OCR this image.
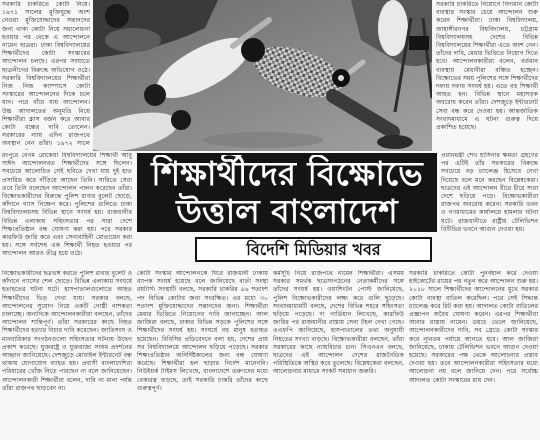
সরকারি চাকরিতে কোটা নিয়ে। ১৯৭১ সালের মুক্তিযুদ্ধে অংশ নেওয়া মুক্তিযোদ্ধাদের সন্তানদের জন্য থাকা কোটা নিয়ে সমালোচনা হওয়ার পর থেকে এ আন্দোলনে নামেন ছাত্ররা। ঢাকা বিশ্ববিদ্যালয়ের শিক্ষার্থীদের কোটা সংস্কারের আন্দোলন চলছে। এরপর সংঘাতে ছাত্রলীগের বিরুদ্ধে অভিযোগ ওঠে। সরকারি বিশ্ববিদ্যালয়ের শিক্ষার্থীরা নিজ নিজ ক্যাম্পাসে কোটা সংস্কারের আন্দোলনের দিকে চলে যান। পরে বাঁধে যায় আন্দোলন। উচ্চ আদালতের অনুমতি নিয়ে শিক্ষার্থীরা ক্লাস বর্জন করে আবার কোটা বন্ধের দাবি তোলেন। সরকারের ন্যায় এদিন রাজপথে অবস্থান নেন তাঁরা। ১৯৭২ সালে

সরকারি চাকরিতে নিয়োগে বিদ্যমান কোটা ব্যবস্থার সংস্কার চেয়ে আন্দোলন শুরু করেন শিক্ষার্থীরা। ঢাকা বিশ্ববিদ্যালয়, জাহাঙ্গীরনগর বিশ্ববিদ্যালয়, চট্টগ্রাম বিশ্ববিদ্যালয়সহ দেশের বিভিন্ন বিশ্ববিদ্যালয়ের শিক্ষার্থীরা এতে অংশ নেন। তাঁদের দাবি, মেধার ভিত্তিতে নিয়োগ দিতে হবে। আন্দোলনকারীরা বলেন, বর্তমান ব্যবস্থায় মেধাবীরা বঞ্চিত হচ্ছেন। বিক্ষোভের সময় পুলিশের সঙ্গে শিক্ষার্থীদের দফায় দফায় সংঘর্ষ হয়। এতে বহু শিক্ষার্থী আহত হন। বিভিন্ন স্থানে মহাসড়ক অবরোধ করেন তাঁরা। দেশজুড়ে ইন্টারনেট সেবা বন্ধ করে দেওয়া হয়। আন্তর্জাতিক সংবাদমাধ্যমে এ ঘটনা গুরুত্ব দিয়ে প্রকাশিত হয়েছে।

রংপুরে বেগম রোকেয়া বিশ্ববিদ্যালয়ের শিক্ষার্থী আবু সাঈদ আন্দোলনরত শিক্ষার্থীদের সঙ্গে ছিলেন। সবচেয়ে আলোচিত সেই ছবিতে দেখা যায় দুই হাত প্রসারিত করে দাঁড়িয়ে আছেন তিনি। সারিতে সেরা তবে তিনি বলেছেন আন্দোলন পালন করেছেন তাঁরা। বিক্ষোভকারীদের বিরুদ্ধে পুলিশ রাবার বুলেট ছোড়ে, কাঁদানে গ্যাস নিক্ষেপ করে। পুলিশের গুলিতে ঢাকা বিশ্ববিদ্যালয়সহ বিভিন্ন স্থানে সংঘর্ষ হয়। রাজধানীর বিভিন্ন এলাকায় সহিংসতার পর সারা দেশে শিক্ষাপ্রতিষ্ঠান বন্ধ ঘোষণা করা হয়। পরে সরকার কারফিউ জারি করে এবং সেনাবাহিনী মোতায়েন করা হয়। সঙ্গে সর্বশেষ এক শিক্ষার্থী নিহত হওয়ার পর আন্দোলন আরও তীব্র হয়ে ওঠে।

শিক্ষার্থীদের বিক্ষোভে
উত্তাল বাংলাদেশ
বিদেশি মিডিয়ার খবর

প্রধানমন্ত্রী শেখ হাসিনার ক্ষমতা গ্রহণের পর এটিই তাঁর সরকারের বিরুদ্ধে সবচেয়ে বড় চ্যালেঞ্জ হিসেবে দেখা দিয়েছে বলে মনে করছেন বিশ্লেষকেরা। ছাত্রদের এই আন্দোলন ধীরে ধীরে সারা দেশে ছড়িয়ে পড়ে। বিক্ষোভকারীরা রাজপথ অবরোধ করেন। সরকারি ভবন ও গণমাধ্যমের কার্যালয়ে হামলার ঘটনা ঘটে। রাজধানীতে রাষ্ট্রীয় টেলিভিশন বিটিভির ভবনে আগুন দেওয়া হয়।

বিক্ষোভকারীদের ছত্রভঙ্গ করতে পুলিশ রাবার বুলেট ও কাঁদানে গ্যাসের শেল ছোড়ে। বিভিন্ন এলাকায় সংঘর্ষে হতাহতের ঘটনা ঘটে। হাসপাতালগুলোতে আহত শিক্ষার্থীদের ভিড় দেখা যায়। সরকার বলছে, আন্দোলনের সুযোগ নিয়ে একটি গোষ্ঠী নাশকতা চালাচ্ছে। অন্যদিকে আন্দোলনকারীরা বলছেন, তাঁদের আন্দোলন শান্তিপূর্ণ। তাঁরা সরকারের কাছে নিহত শিক্ষার্থীদের হত্যার বিচার দাবি করেছেন। জাতিসংঘ ও মানবাধিকার সংগঠনগুলো সহিংসতার ঘটনায় উদ্বেগ প্রকাশ করেছে। যুক্তরাষ্ট্র ও যুক্তরাজ্য সংযম প্রদর্শনের আহ্বান জানিয়েছে। দেশজুড়ে মোবাইল ইন্টারনেট বন্ধ থাকায় যোগাযোগ ব্যাহত হয়। প্রবাসী বাংলাদেশিরা পরিবারের খোঁজ নিতে পারছেন না বলে জানিয়েছেন। আন্দোলনকারী শিক্ষার্থীরা বলেন, দাবি না মানা পর্যন্ত তাঁরা রাজপথ ছাড়বেন না।

কোটা সংস্কার আন্দোলনকে ঘিরে রাজধানী ঢাকায় ব্যাপক সংঘর্ষ হয়েছে বলে জানিয়েছে বার্তা সংস্থা রয়টার্স। সংস্থাটি বলছে, সরকারি চাকরির ৫৬ শতাংশ পদ বিভিন্ন কোটার জন্য সংরক্ষিত। এর মধ্যে ৩০ শতাংশ মুক্তিযোদ্ধাদের সন্তানদের জন্য। শিক্ষার্থীরা মেধার ভিত্তিতে নিয়োগের দাবি জানাচ্ছেন। আল জাজিরা বলছে, ঢাকার বিভিন্ন সড়কে পুলিশের সঙ্গে শিক্ষার্থীদের সংঘর্ষ হয়। সংঘর্ষে বহু মানুষ হতাহত হয়েছেন। বিবিসির প্রতিবেদনে বলা হয়, দেশের প্রায় সব বিশ্ববিদ্যালয়ে আন্দোলন ছড়িয়ে পড়েছে। সরকার শিক্ষাপ্রতিষ্ঠান অনির্দিষ্টকালের জন্য বন্ধ ঘোষণা করেছে। শিক্ষার্থীরা হল ছাড়ার নির্দেশ মানেননি। নিউইয়র্ক টাইমস লিখেছে, বাংলাদেশে তরুণদের মধ্যে বেকারত্ব বাড়ছে, তাই সরকারি চাকরি তাঁদের কাছে গুরুত্বপূর্ণ।

কর্মসূচি নিয়ে রাজপথে নামেন শিক্ষার্থীরা। এসময় সরকার সমর্থক ছাত্রসংগঠনের নেতাকর্মীদের সঙ্গে তাঁদের সংঘর্ষ হয়। ওয়াশিংটন পোস্ট জানিয়েছে, পুলিশ বিক্ষোভকারীদের লক্ষ্য করে গুলি ছুড়েছে। সংবাদমাধ্যমটি বলছে, দেশের বিভিন্ন শহরে সহিংসতা ছড়িয়ে পড়েছে। দ্য গার্ডিয়ান লিখেছে, কারফিউ জারির পর রাজধানীর রাস্তায় সেনা টহল দেখা গেছে। এএফপি জানিয়েছে, হাসপাতালের তথ্য অনুযায়ী নিহতের সংখ্যা বাড়ছে। বিক্ষোভকারীরা বলছেন, তাঁরা সরকারের কাছে ন্যায়বিচার চান। সিএনএন বলছে, ছাত্রদের এই আন্দোলন দেশের রাজনৈতিক পরিস্থিতিকে অস্থির করে তুলেছে। বিশ্লেষকেরা বলছেন, আলোচনার মাধ্যমে সংকট সমাধান জরুরি।

সরকারি চাকরিতে কোটা পুনর্বহাল করে দেওয়া হাইকোর্টের রায়ের পর নতুন করে আন্দোলন শুরু হয়। ২০১৮ সালে শিক্ষার্থীদের আন্দোলনের মুখে সরকার কোটা ব্যবস্থা বাতিল করেছিল। পরে সেই সিদ্ধান্ত চ্যালেঞ্জ করে রিট করা হয়। আদালত কোটা বাতিলের প্রজ্ঞাপন অবৈধ ঘোষণা করেন। এরপর শিক্ষার্থীরা আবার রাস্তায় নামেন। ডয়চে ভেলে জানিয়েছে, আন্দোলনকারীদের দাবি, সব গ্রেডে কোটা সংস্কার করে ন্যূনতম পর্যায়ে আনতে হবে। আল জাজিরা জানিয়েছে, ঢাকায় টেলিভিশন ভবনে আগুন দেওয়া হয়েছে। সরকারের পক্ষ থেকে আলোচনার প্রস্তাব দেওয়া হয়। তবে আন্দোলনকারীরা সহিংসতার মধ্যে আলোচনা নয় বলে জানিয়ে দেন। পরে সর্বোচ্চ আদালত কোটা সংস্কারের রায় দেন।
